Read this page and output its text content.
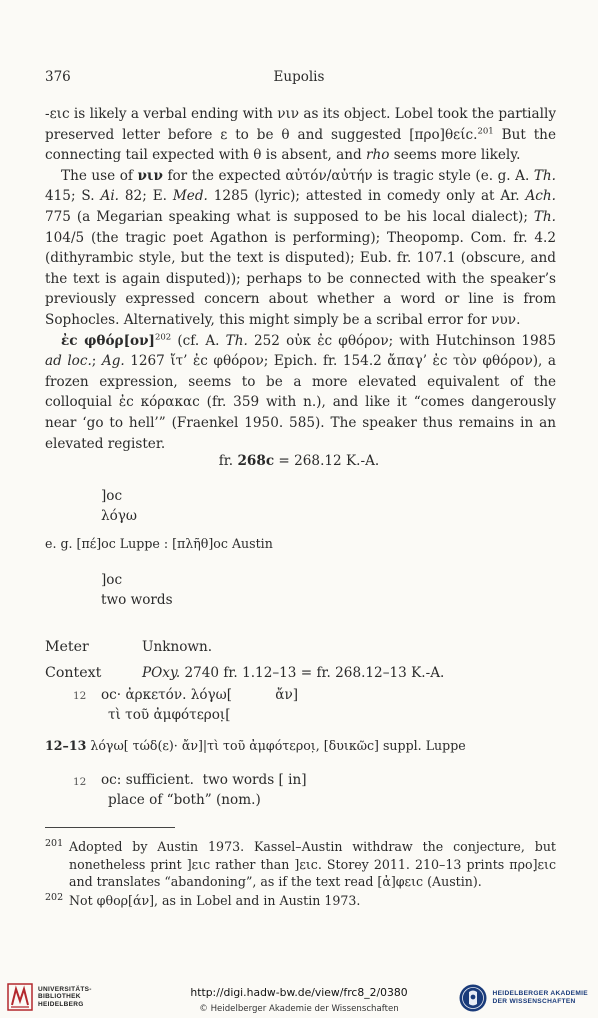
376	Eupolis

-ειϲ is likely a verbal ending with νιν as its object. Lobel took the partially preserved letter before ε to be θ and suggested [προ]θείϲ.$^{201}$ But the connecting tail expected with θ is absent, and rho seems more likely.

The use of νιν for the expected αὐτόν/αὐτήν is tragic style (e. g. A. Th. 415; S. Ai. 82; E. Med. 1285 (lyric); attested in comedy only at Ar. Ach. 775 (a Megarian speaking what is supposed to be his local dialect); Th. 104/5 (the tragic poet Agathon is performing); Theopomp. Com. fr. 4.2 (dithyrambic style, but the text is disputed); Eub. fr. 107.1 (obscure, and the text is again disputed)); perhaps to be connected with the speaker’s previously expressed concern about whether a word or line is from Sophocles. Alternatively, this might simply be a scribal error for νυν.

ἐϲ $\varphi\theta ό\rho[o\nu]^{202}$ (cf. A. Th. 252 οὐκ ἐϲ φθόρον; with Hutchinson 1985 ad loc.; Ag. 1267 ἴτ’ ἐϲ φθόρον; Epich. fr. 154.2 ἄπαγ’ ἐϲ τὸν φθόρον), a frozen expression, seems to be a more elevated equivalent of the colloquial ἐϲ κόρακαϲ (fr. 359 with n.), and like it “comes dangerously near ‘go to hell’” (Fraenkel 1950. 585). The speaker thus remains in an elevated register.

fr. 268c = 268.12 K.-A.
]οϲ
λόγω
e. g. [πέ]οϲ Luppe : [πλῆθ]οϲ Austin
]οϲ
two words
Meter	Unknown.
Context	POxy. 2740 fr. 1.12–13 = fr. 268.12–13 K.-A.
12 οϲ· ἀρκετόν. λόγω[          ἄν]
τὶ τοῦ ἀμφότεροι̣[
12–13 λόγω[ τώδ(ε)· ἄν]|τὶ τοῦ ἀμφότεροι̣, [δυικῶϲ] suppl. Luppe
12 οϲ: sufficient.  two words [ in]
place of “both” (nom.)
201 Adopted by Austin 1973. Kassel–Austin withdraw the conjecture, but nonetheless print ]ειϲ rather than ]ειϲ. Storey 2011. 210–13 prints προ]̣ειϲ and translates “abandoning”, as if the text read [ἀ]φειϲ (Austin).
202 Not φθορ[άν], as in Lobel and in Austin 1973.
UNIVERSITÄTS-
BIBLIOTHEK
HEIDELBERG
http://digi.hadw-bw.de/view/frc8_2/0380
© Heidelberger Akademie der Wissenschaften
HEIDELBERGER AKADEMIE
DER WISSENSCHAFTEN
